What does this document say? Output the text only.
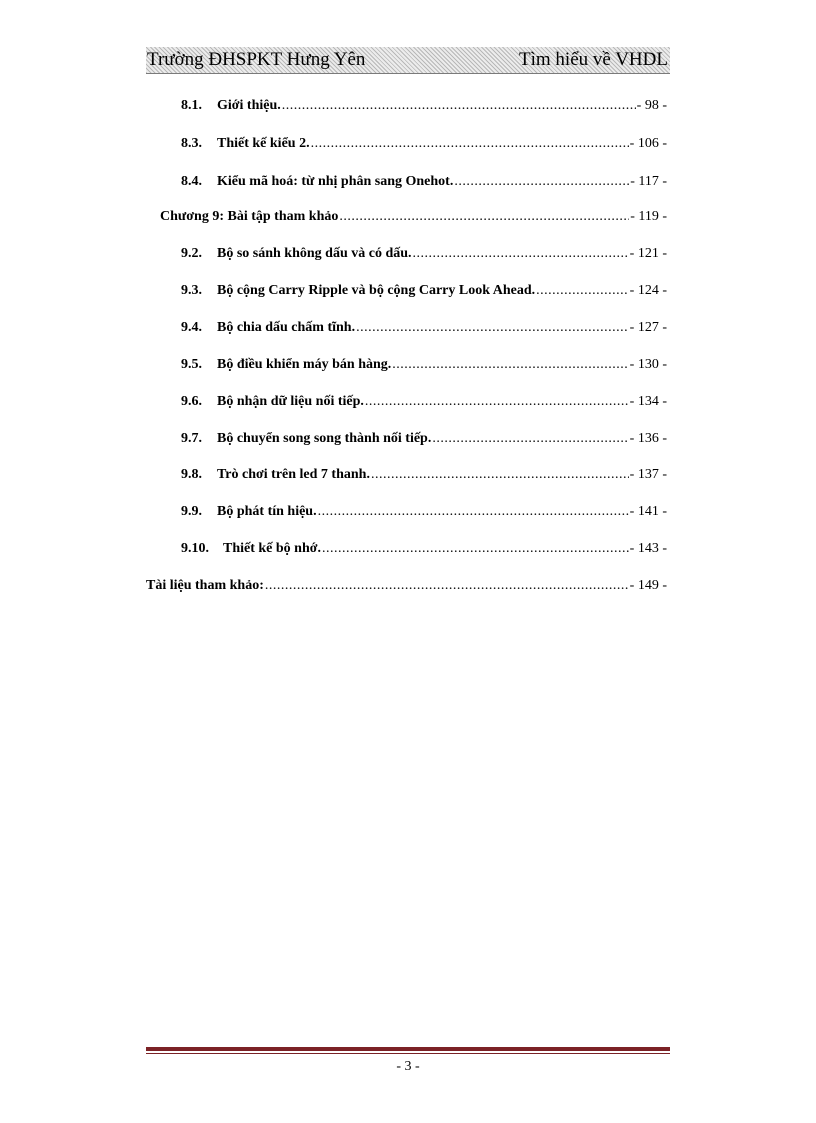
Trường ĐHSPKT Hưng Yên	Tìm hiểu về VHDL
8.1.	Giới thiệu. .....	- 98 -
8.3.	Thiết kế kiểu 2. .....	- 106 -
8.4.	Kiểu mã hoá: từ nhị phân sang Onehot. .....	- 117 -
Chương 9: Bài tập tham khảo .....	- 119 -
9.2.	Bộ so sánh không dấu và có dấu. .....	- 121 -
9.3.	Bộ cộng Carry Ripple và bộ cộng Carry Look Ahead. .....	- 124 -
9.4.	Bộ chia dấu chấm tĩnh. .....	- 127 -
9.5.	Bộ điều khiển máy bán hàng. .....	- 130 -
9.6.	Bộ nhận dữ liệu nối tiếp. .....	- 134 -
9.7.	Bộ chuyển song song thành nối tiếp. .....	- 136 -
9.8.	Trò chơi trên led 7 thanh. .....	- 137 -
9.9.	Bộ phát tín hiệu. .....	- 141 -
9.10.	Thiết kế bộ nhớ. .....	- 143 -
Tài liệu tham khảo: .....	- 149 -
- 3 -
